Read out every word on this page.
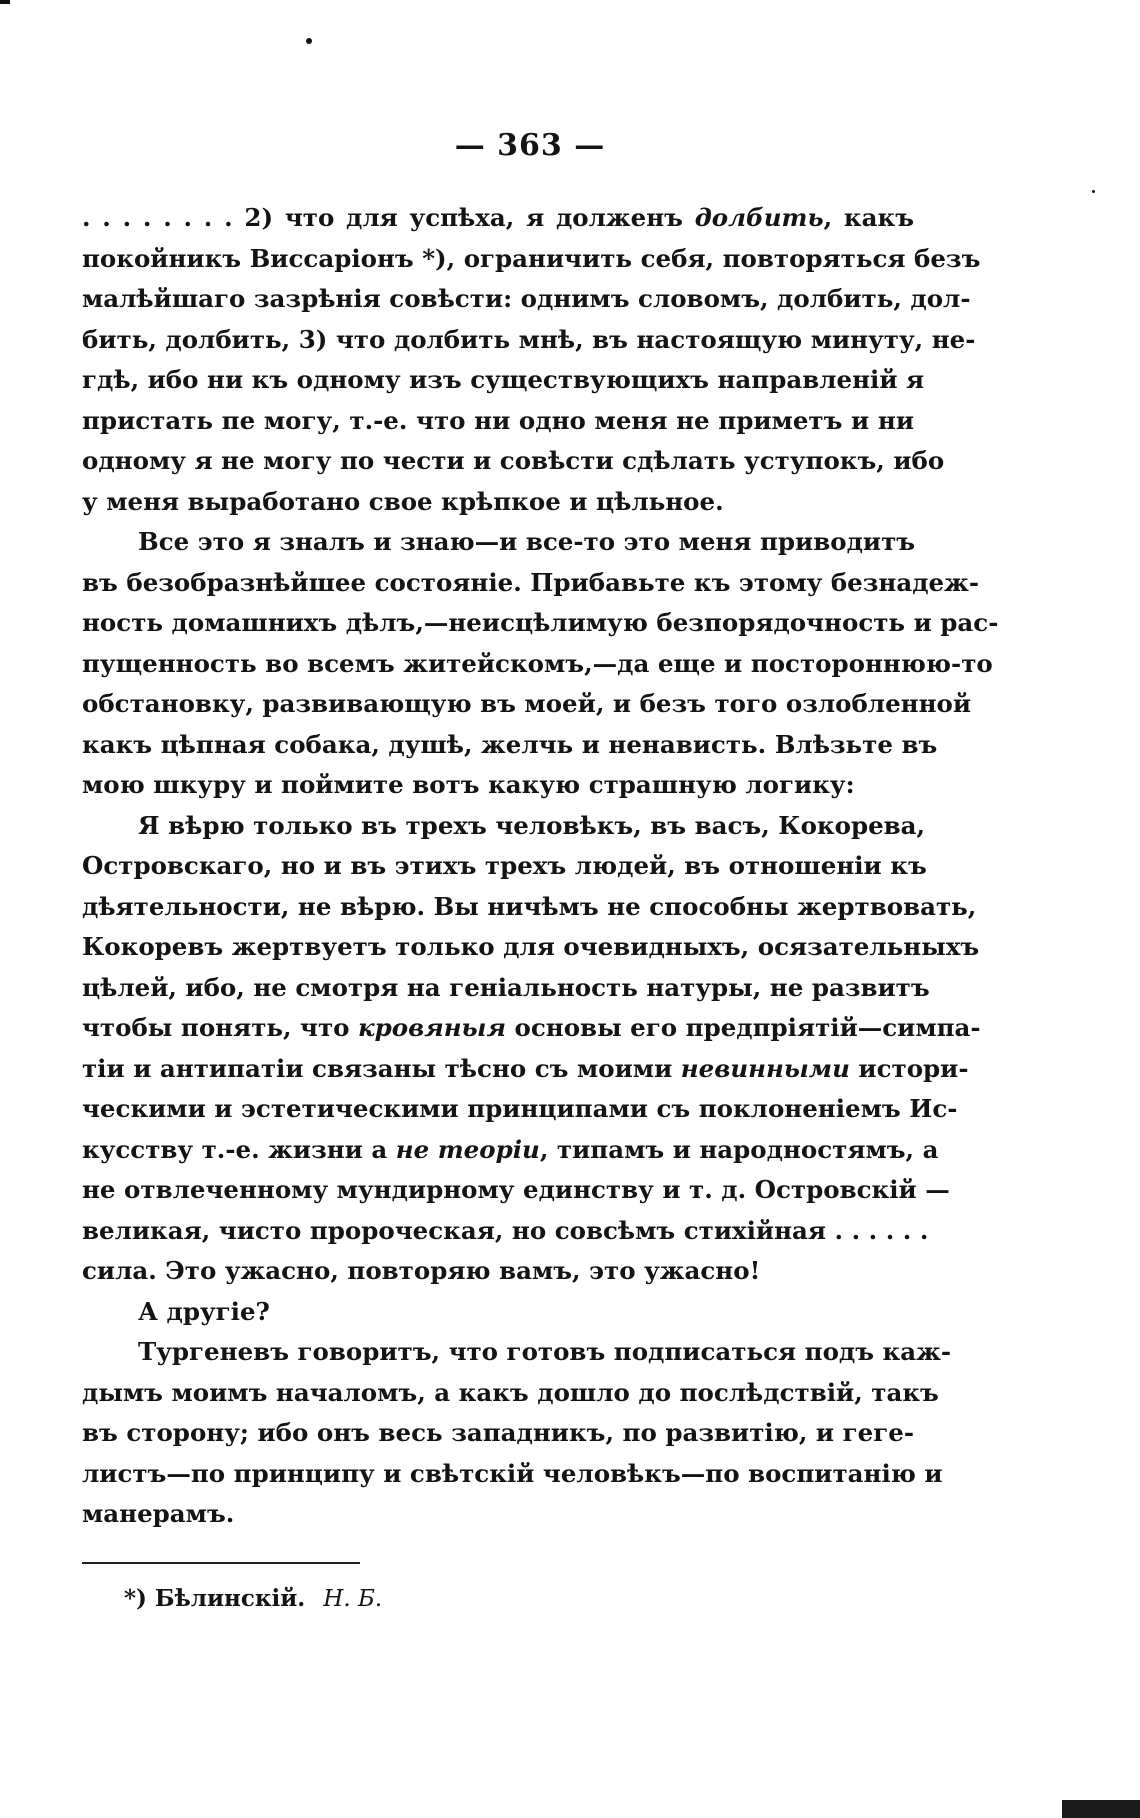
— 363 —

. . . . . . . . 2) что для успѣха, я долженъ долбить, какъ
покойникъ Виссаріонъ *), ограничить себя, повторяться безъ
малѣйшаго зазрѣнія совѣсти: однимъ словомъ, долбить, дол-
бить, долбить, 3) что долбить мнѣ, въ настоящую минуту, не-
гдѣ, ибо ни къ одному изъ существующихъ направленій я
пристать пе могу, т.-е. что ни одно меня не приметъ и ни
одному я не могу по чести и совѣсти сдѣлать уступокъ, ибо
у меня выработано свое крѣпкое и цѣльное.

Все это я зналъ и знаю—и все-то это меня приводитъ
въ безобразнѣйшее состояніе. Прибавьте къ этому безнадеж-
ность домашнихъ дѣлъ,—неисцѣлимую безпорядочность и рас-
пущенность во всемъ житейскомъ,—да еще и постороннюю-то
обстановку, развивающую въ моей, и безъ того озлобленной
какъ цѣпная собака, душѣ, желчь и ненависть. Влѣзьте въ
мою шкуру и поймите вотъ какую страшную логику:

Я вѣрю только въ трехъ человѣкъ, въ васъ, Кокорева,
Островскаго, но и въ этихъ трехъ людей, въ отношеніи къ
дѣятельности, не вѣрю. Вы ничѣмъ не способны жертвовать,
Кокоревъ жертвуетъ только для очевидныхъ, осязательныхъ
цѣлей, ибо, не смотря на геніальность натуры, не развитъ
чтобы понять, что кровяныя основы его предпріятій—симпа-
тіи и антипатіи связаны тѣсно съ моими невинными истори-
ческими и эстетическими принципами съ поклоненіемъ Ис-
кусству т.-е. жизни а не теоріи, типамъ и народностямъ, а
не отвлеченному мундирному единству и т. д. Островскій —
великая, чисто пророческая, но совсѣмъ стихійная . . . . . .
сила. Это ужасно, повторяю вамъ, это ужасно!

А другіе?

Тургеневъ говоритъ, что готовъ подписаться подъ каж-
дымъ моимъ началомъ, а какъ дошло до послѣдствій, такъ
въ сторону; ибо онъ весь западникъ, по развитію, и геге-
листъ—по принципу и свѣтскій человѣкъ—по воспитанію и
манерамъ.

*) Бѣлинскій. Н. Б.
